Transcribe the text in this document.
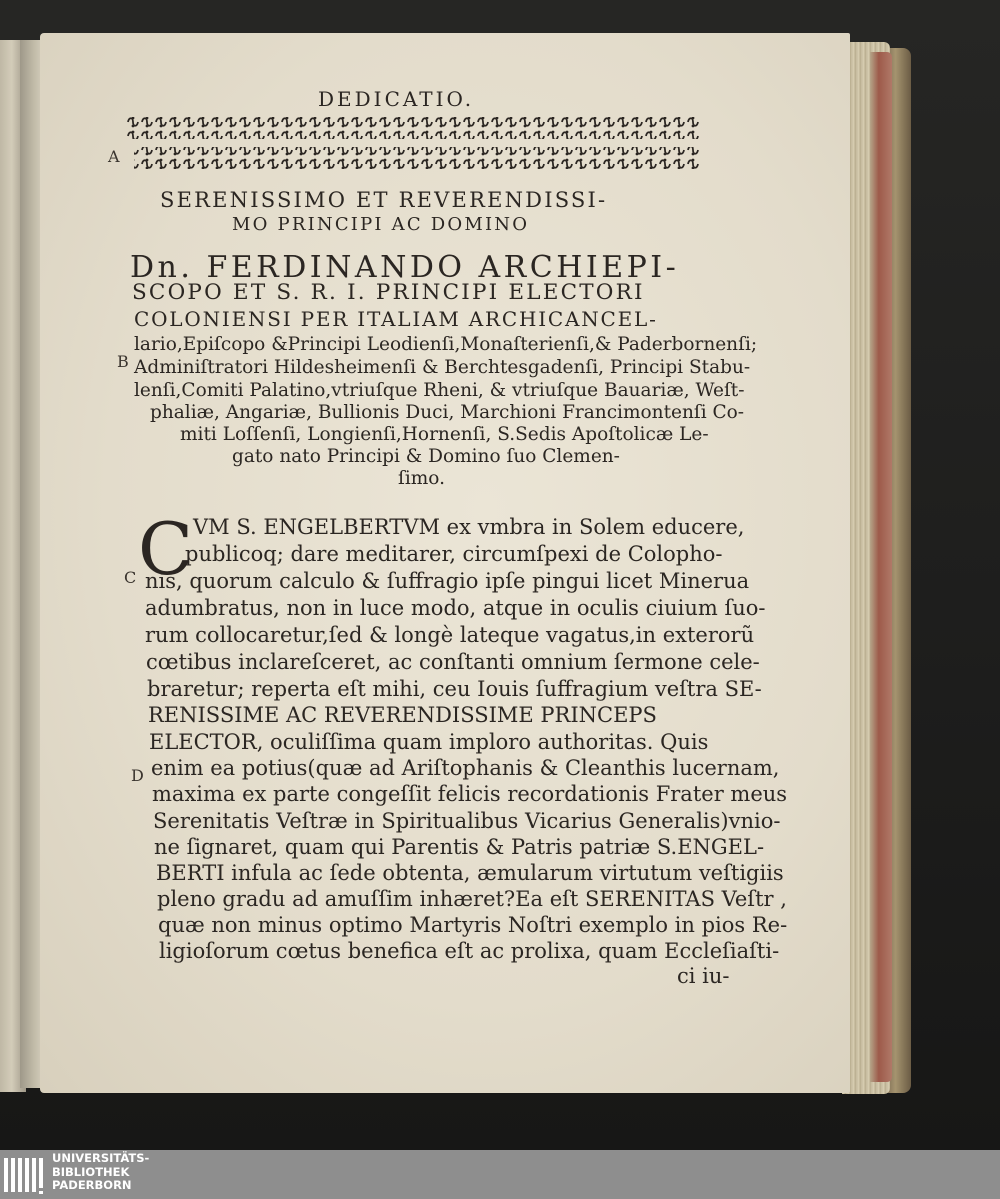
DEDICATIO.
A
B
C
D
SERENISSIMO ET REVERENDISSI-
MO PRINCIPI AC DOMINO
Dn. FERDINANDO ARCHIEPI-
SCOPO ET S. R. I. PRINCIPI ELECTORI
COLONIENSI PER ITALIAM ARCHICANCEL-
lario,Epiſcopo &Principi Leodienſi,Monaſterienſi,& Paderbornenſi;
Adminiſtratori Hildesheimenſi & Berchtesgadenſi, Principi Stabu-
lenſi,Comiti Palatino,vtriuſque Rheni, & vtriuſque Bauariæ, Weſt-
phaliæ, Angariæ, Bullionis Duci, Marchioni Francimontenſi Co-
miti Loſſenſi, Longienſi,Hornenſi, S.Sedis Apoſtolicæ Le-
gato nato Principi & Domino ſuo Clemen-
ſimo.
C VM S. ENGELBERTVM ex vmbra in Solem educere,
publicoq; dare meditarer, circumſpexi de Colopho-
nis, quorum calculo & ſuffragio ipſe pingui licet Minerua
adumbratus, non in luce modo, atque in oculis ciuium ſuo-
rum collocaretur,ſed & longè lateque vagatus,in exterorũ
cœtibus inclareſceret, ac conſtanti omnium ſermone cele-
braretur; reperta eſt mihi, ceu Iouis ſuffragium veſtra SE-
RENISSIME AC REVERENDISSIME PRINCEPS
ELECTOR, oculiſſima quam imploro authoritas. Quis
enim ea potius(quæ ad Ariſtophanis & Cleanthis lucernam,
maxima ex parte congeſſit felicis recordationis Frater meus
Serenitatis Veſtræ in Spiritualibus Vicarius Generalis)vnio-
ne ſignaret, quam qui Parentis & Patris patriæ S.ENGEL-
BERTI infula ac ſede obtenta, æmularum virtutum veſtigiis
pleno gradu ad amuſſim inhæret?Ea eſt SERENITAS Veſtr ,
quæ non minus optimo Martyris Noſtri exemplo in pios Re-
ligioſorum cœtus benefica eſt ac prolixa, quam Eccleſiaſti-
ci iu-
UNIVERSITÄTS-
BIBLIOTHEK
PADERBORN
